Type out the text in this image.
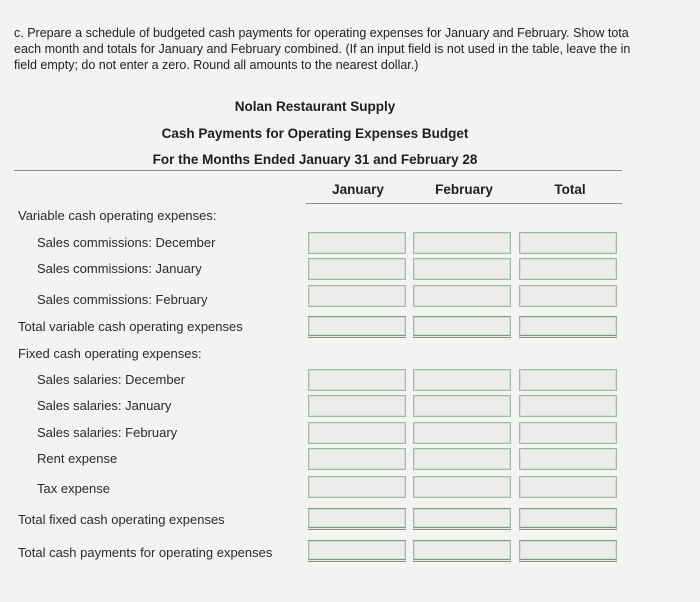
c. Prepare a schedule of budgeted cash payments for operating expenses for January and February. Show tota
each month and totals for January and February combined. (If an input field is not used in the table, leave the in
field empty; do not enter a zero. Round all amounts to the nearest dollar.)
Nolan Restaurant Supply
Cash Payments for Operating Expenses Budget
For the Months Ended January 31 and February 28
January	February	Total
Variable cash operating expenses:
Sales commissions: December
Sales commissions: January
Sales commissions: February
Total variable cash operating expenses
Fixed cash operating expenses:
Sales salaries: December
Sales salaries: January
Sales salaries: February
Rent expense
Tax expense
Total fixed cash operating expenses
Total cash payments for operating expenses
